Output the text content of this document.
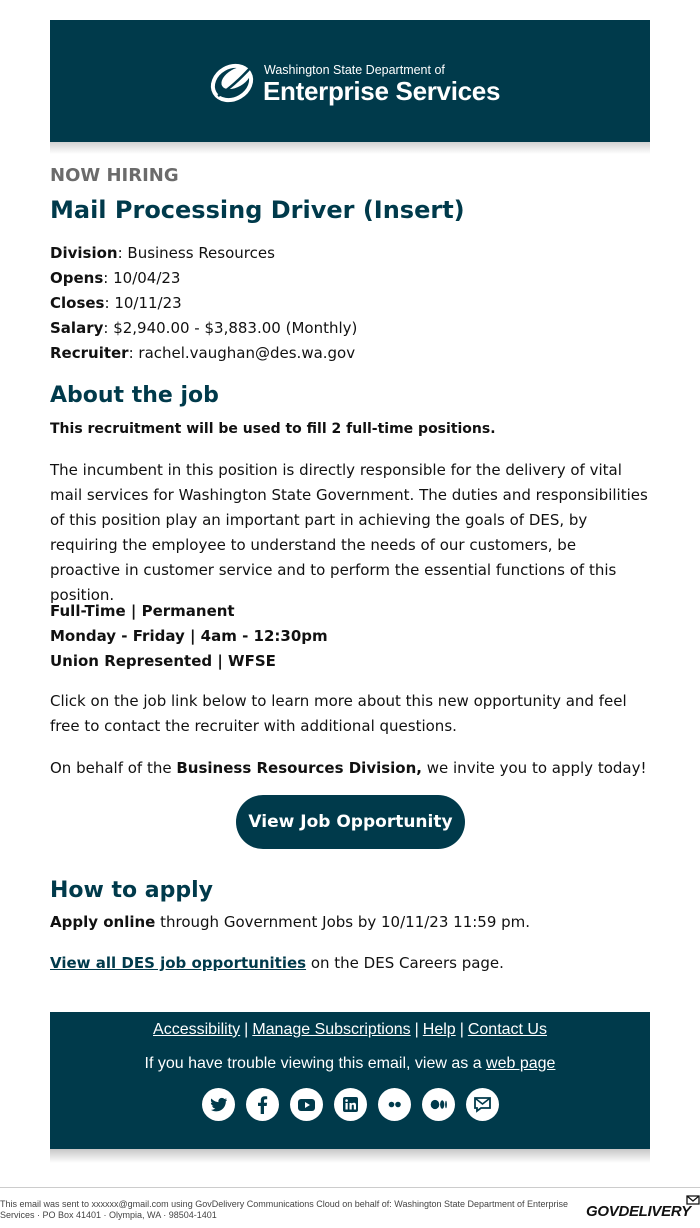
Washington State Department of
Enterprise Services
NOW HIRING
Mail Processing Driver (Insert)
Division: Business Resources
Opens: 10/04/23
Closes: 10/11/23
Salary: $2,940.00 - $3,883.00 (Monthly)
Recruiter: rachel.vaughan@des.wa.gov
About the job
This recruitment will be used to fill 2 full-time positions.
The incumbent in this position is directly responsible for the delivery of vital mail services for Washington State Government. The duties and responsibilities of this position play an important part in achieving the goals of DES, by requiring the employee to understand the needs of our customers, be proactive in customer service and to perform the essential functions of this position.
Full-Time | Permanent
Monday - Friday | 4am - 12:30pm
Union Represented | WFSE
Click on the job link below to learn more about this new opportunity and feel free to contact the recruiter with additional questions.
On behalf of the Business Resources Division, we invite you to apply today!
View Job Opportunity
How to apply
Apply online through Government Jobs by 10/11/23 11:59 pm.
View all DES job opportunities on the DES Careers page.
Accessibility | Manage Subscriptions | Help | Contact Us
If you have trouble viewing this email, view as a web page
This email was sent to xxxxxx@gmail.com using GovDelivery Communications Cloud on behalf of: Washington State Department of Enterprise Services · PO Box 41401 · Olympia, WA · 98504-1401	GOVDELIVERY
